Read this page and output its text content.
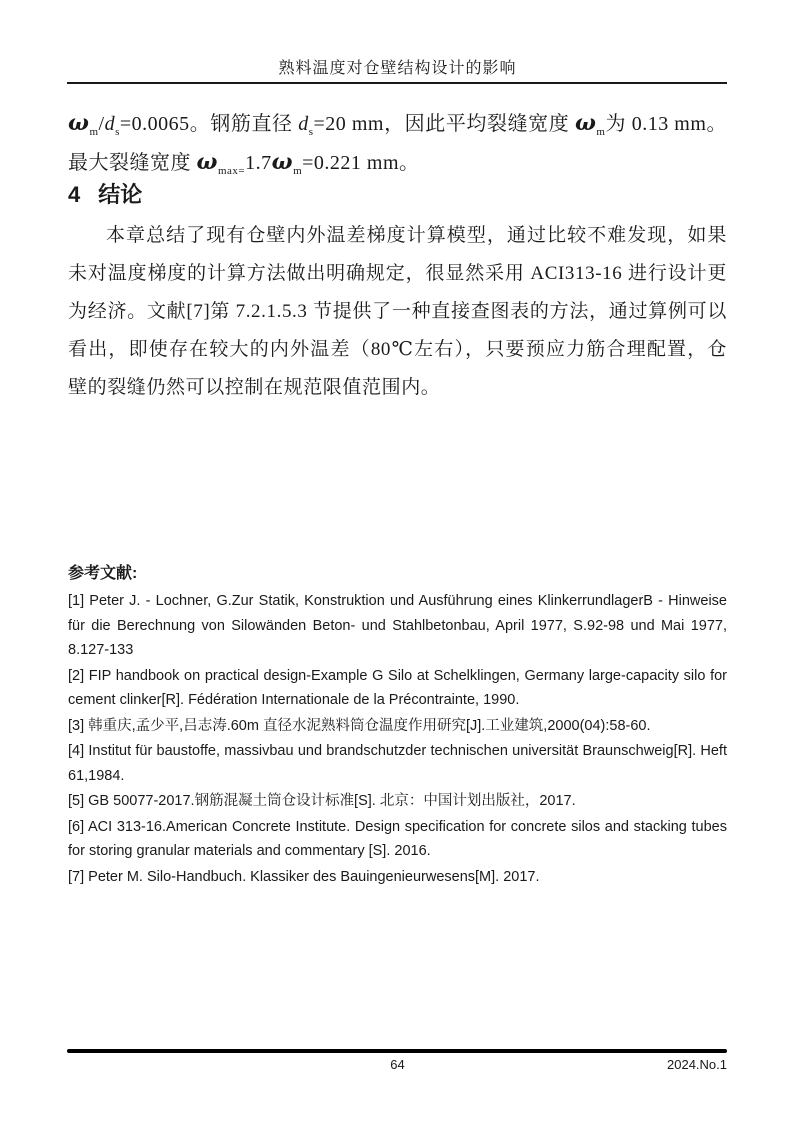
熟料温度对仓壁结构设计的影响

$\omega_m/d_s=0.0065$。钢筋直径 $d_s=20$ mm，因此平均裂缝宽度 $\omega_m$为 0.13 mm。最大裂缝宽度 $\omega_{max=}1.7\omega_m=0.221$ mm。

4 结论

本章总结了现有仓壁内外温差梯度计算模型，通过比较不难发现，如果未对温度梯度的计算方法做出明确规定，很显然采用 ACI313-16 进行设计更为经济。文献[7]第 7.2.1.5.3 节提供了一种直接查图表的方法，通过算例可以看出，即使存在较大的内外温差（80℃左右），只要预应力筋合理配置，仓壁的裂缝仍然可以控制在规范限值范围内。

参考文献:

[1] Peter J. - Lochner, G.Zur Statik, Konstruktion und Ausführung eines KlinkerrundlagerB - Hinweise für die Berechnung von Silowänden Beton- und Stahlbetonbau, April 1977, S.92-98 und Mai 1977, 8.127-133

[2] FIP handbook on practical design-Example G Silo at Schelklingen, Germany large-capacity silo for cement clinker[R]. Fédération Internationale de la Précontrainte, 1990.

[3] 韩重庆,孟少平,吕志涛.60m 直径水泥熟料筒仓温度作用研究[J].工业建筑,2000(04):58-60.

[4] Institut für baustoffe, massivbau und brandschutzder technischen universität Braunschweig[R]. Heft 61,1984.

[5] GB 50077-2017.钢筋混凝土筒仓设计标准[S]. 北京：中国计划出版社，2017.

[6] ACI 313-16.American Concrete Institute. Design specification for concrete silos and stacking tubes for storing granular materials and commentary [S]. 2016.

[7] Peter M. Silo-Handbuch. Klassiker des Bauingenieurwesens[M]. 2017.

64	2024.No.1
